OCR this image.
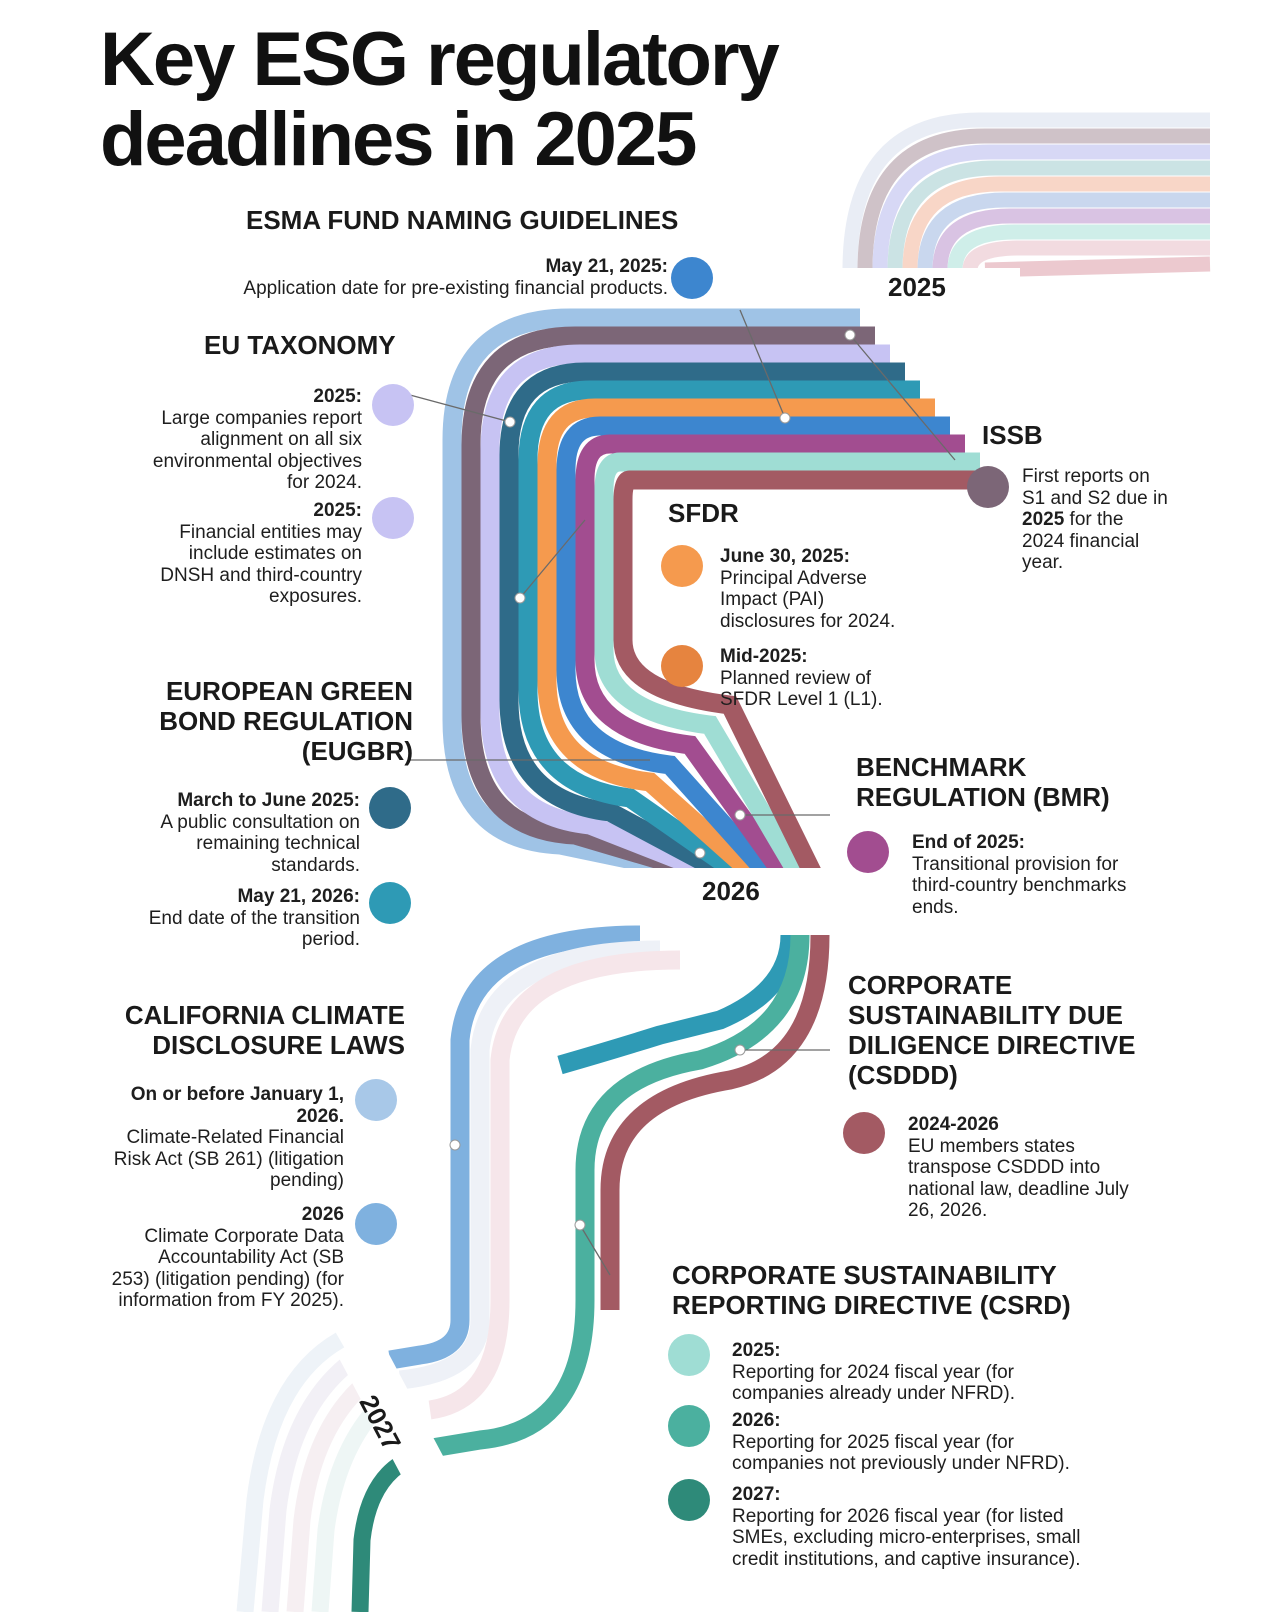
Key ESG regulatory
deadlines in 2025
2025
2026
2027
ESMA FUND NAMING GUIDELINES
May 21, 2025:
Application date for pre-existing financial products.
EU TAXONOMY
2025:
Large companies report
alignment on all six
environmental objectives
for 2024.
2025:
Financial entities may
include estimates on
DNSH and third-country
exposures.
ISSB
First reports on
S1 and S2 due in
2025 for the
2024 financial
year.
SFDR
June 30, 2025:
Principal Adverse
Impact (PAI)
disclosures for 2024.
Mid-2025:
Planned review of
SFDR Level 1 (L1).
EUROPEAN GREEN
BOND REGULATION
(EUGBR)
March to June 2025:
A public consultation on
remaining technical
standards.
May 21, 2026:
End date of the transition
period.
BENCHMARK
REGULATION (BMR)
End of 2025:
Transitional provision for
third-country benchmarks
ends.
CALIFORNIA CLIMATE
DISCLOSURE LAWS
On or before January 1,
2026.
Climate-Related Financial
Risk Act (SB 261) (litigation
pending)
2026
Climate Corporate Data
Accountability Act (SB
253) (litigation pending) (for
information from FY 2025).
CORPORATE
SUSTAINABILITY DUE
DILIGENCE DIRECTIVE
(CSDDD)
2024-2026
EU members states
transpose CSDDD into
national law, deadline July
26, 2026.
CORPORATE SUSTAINABILITY
REPORTING DIRECTIVE (CSRD)
2025:
Reporting for 2024 fiscal year (for
companies already under NFRD).
2026:
Reporting for 2025 fiscal year (for
companies not previously under NFRD).
2027:
Reporting for 2026 fiscal year (for listed
SMEs, excluding micro-enterprises, small
credit institutions, and captive insurance).
